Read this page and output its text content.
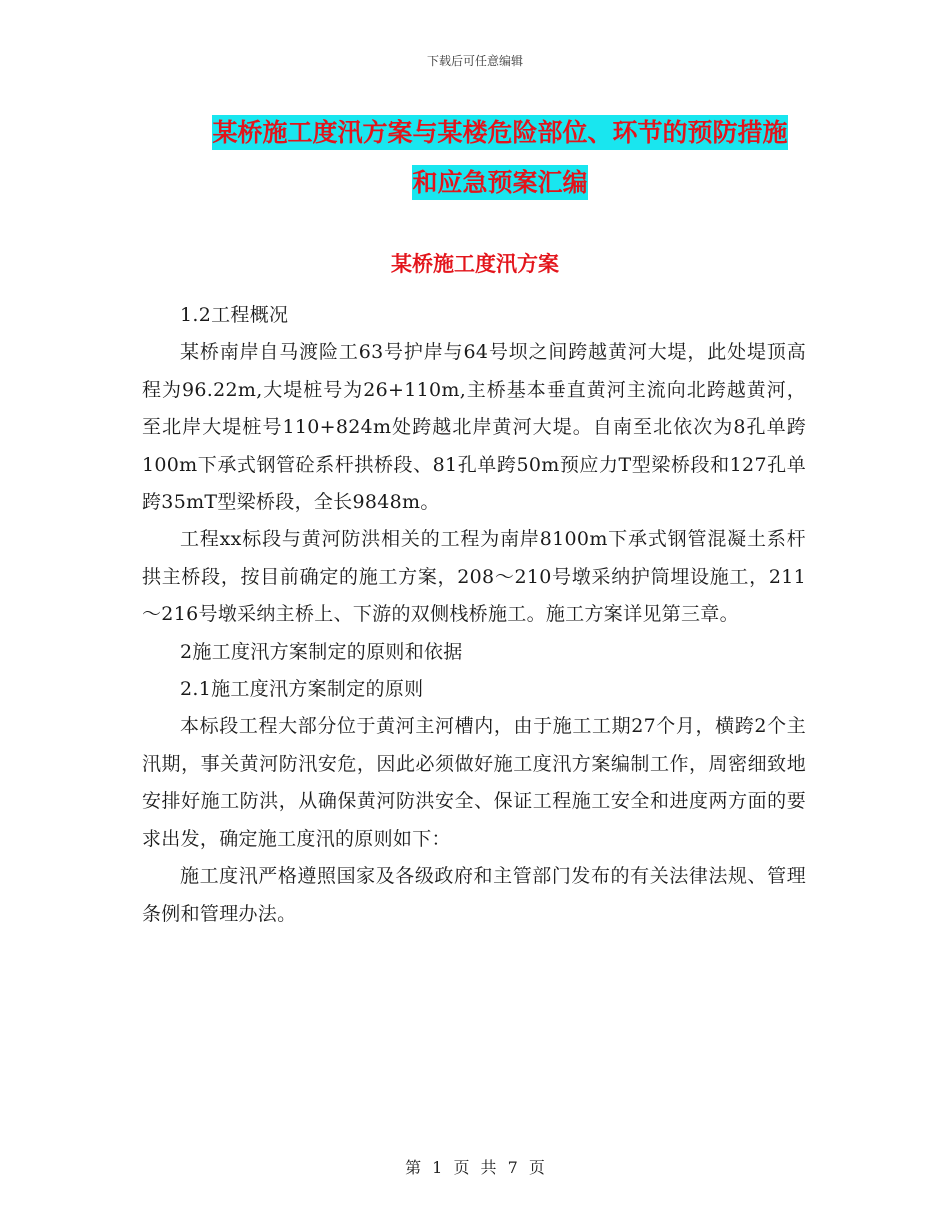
下载后可任意编辑
某桥施工度汛方案与某楼危险部位、环节的预防措施
和应急预案汇编
某桥施工度汛方案

1.2工程概况

某桥南岸自马渡险工63号护岸与64号坝之间跨越黄河大堤，此处堤顶高程为96.22m,大堤桩号为26+110m,主桥基本垂直黄河主流向北跨越黄河，至北岸大堤桩号110+824m处跨越北岸黄河大堤。自南至北依次为8孔单跨100m下承式钢管砼系杆拱桥段、81孔单跨50m预应力T型梁桥段和127孔单跨35mT型梁桥段，全长9848m。

工程xx标段与黄河防洪相关的工程为南岸8100m下承式钢管混凝土系杆拱主桥段，按目前确定的施工方案，208～210号墩采纳护筒埋设施工，211～216号墩采纳主桥上、下游的双侧栈桥施工。施工方案详见第三章。

2施工度汛方案制定的原则和依据

2.1施工度汛方案制定的原则

本标段工程大部分位于黄河主河槽内，由于施工工期27个月，横跨2个主汛期，事关黄河防汛安危，因此必须做好施工度汛方案编制工作，周密细致地安排好施工防洪，从确保黄河防洪安全、保证工程施工安全和进度两方面的要求出发，确定施工度汛的原则如下：

施工度汛严格遵照国家及各级政府和主管部门发布的有关法律法规、管理条例和管理办法。

第 1 页 共 7 页
